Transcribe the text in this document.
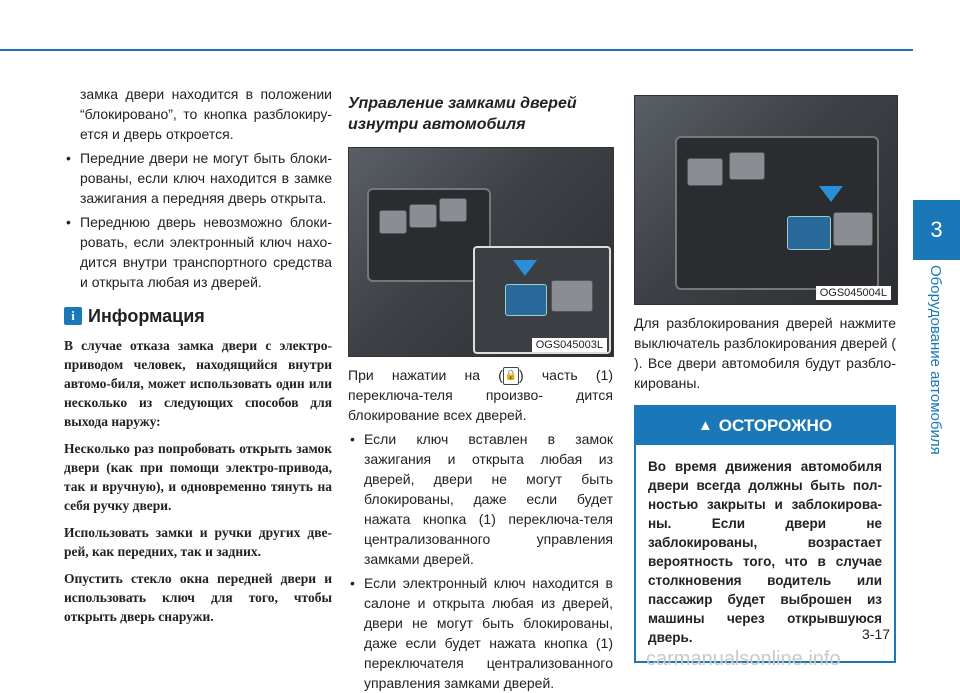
3
Оборудование автомобиля

замка двери находится в положении “блокировано”, то кнопка разблокиру-ется и дверь откроется.

• Передние двери не могут быть блоки-рованы, если ключ находится в замке зажигания а передняя дверь открыта.
• Переднюю дверь невозможно блоки-ровать, если электронный ключ нахо-дится внутри транспортного средства и открыта любая из дверей.
i Информация

В случае отказа замка двери с электро-приводом человек, находящийся внутри автомо-биля, может использовать один или несколько из следующих способов для выхода наружу:

Несколько раз попробовать открыть замок двери (как при помощи электро-привода, так и вручную), и одновременно тянуть на себя ручку двери.

Использовать замки и ручки других две-рей, как передних, так и задних.

Опустить стекло окна передней двери и использовать ключ для того, чтобы открыть дверь снаружи.

Управление замками дверей изнутри автомобиля
OGS045003L

При нажатии на ( 🔒 ) часть (1) переключа-теля произво- дится блокирование всех дверей.

• Если ключ вставлен в замок зажигания и открыта любая из дверей, двери не могут быть блокированы, даже если будет нажата кнопка (1) переключа-теля централизованного управления замками дверей.
• Если электронный ключ находится в салоне и открыта любая из дверей, двери не могут быть блокированы, даже если будет нажата кнопка (1) переключателя централизованного управления замками дверей.
OGS045004L

Для разблокирования дверей нажмите выключатель разблокирования дверей ( ). Все двери автомобиля будут разбло-кированы.

▲ ОСТОРОЖНО
Во время движения автомобиля двери всегда должны быть пол-ностью закрыты и заблокирова-ны. Если двери не заблокированы, возрастает вероятность того, что в случае столкновения водитель или пассажир будет выброшен из машины через открывшуюся дверь.	3-17
carmanualsonline.info
